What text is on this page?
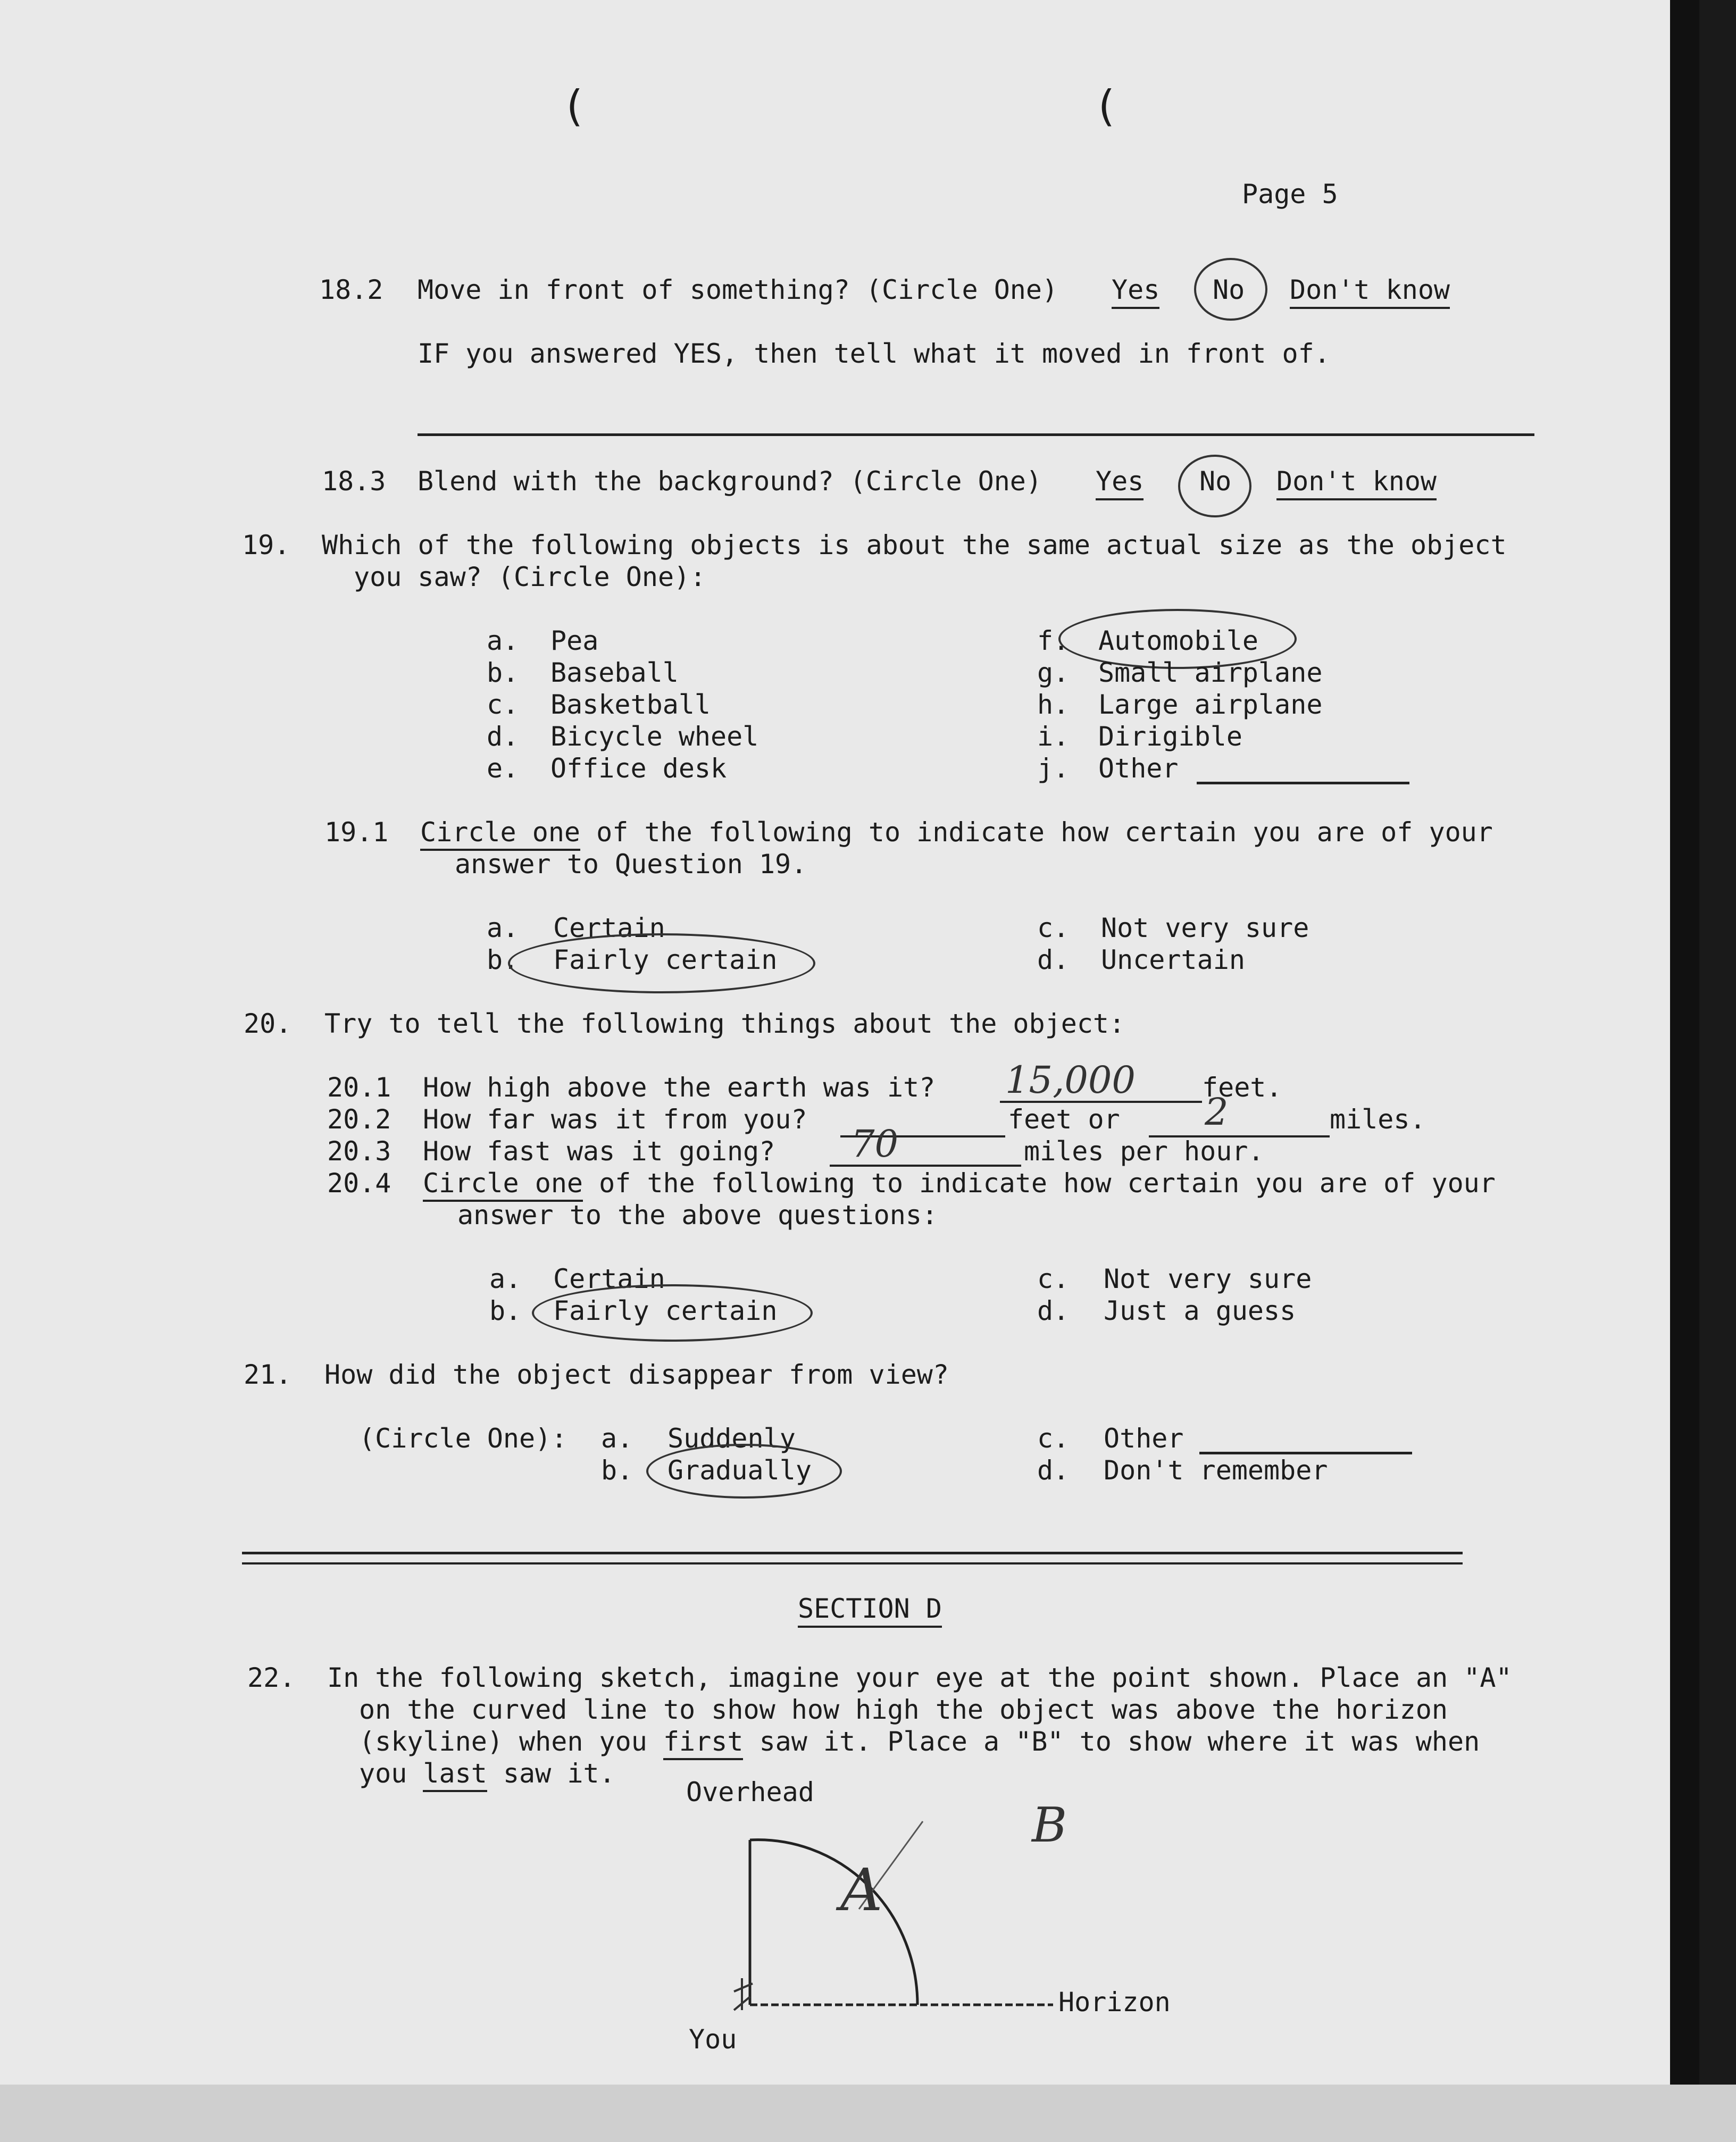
(	(
Page 5
18.2 Move in front of something? (Circle One) Yes No Don't know
IF you answered YES, then tell what it moved in front of.
18.3 Blend with the background? (Circle One) Yes No Don't know
19. Which of the following objects is about the same actual size as the object
you saw? (Circle One):
a. Pea
b. Baseball
c. Basketball
d. Bicycle wheel
e. Office desk
f. Automobile
g. Small airplane
h. Large airplane
i. Dirigible
j. Other
19.1 Circle one of the following to indicate how certain you are of your
answer to Question 19.
a. Certain
b. Fairly certain
c. Not very sure
d. Uncertain
20. Try to tell the following things about the object:
20.1 How high above the earth was it? 15,000	feet.
20.2 How far was it from you?	feet or 2	miles.
20.3 How fast was it going? 70	miles per hour.
20.4 Circle one of the following to indicate how certain you are of your
answer to the above questions:
a. Certain
b. Fairly certain
c. Not very sure
d. Just a guess
21. How did the object disappear from view?
(Circle One): a. Suddenly
b. Gradually
c. Other
d. Don't remember
SECTION D
22. In the following sketch, imagine your eye at the point shown. Place an "A"
on the curved line to show how high the object was above the horizon
(skyline) when you first saw it. Place a "B" to show where it was when
you last saw it.
Overhead
Horizon
You
A
B
